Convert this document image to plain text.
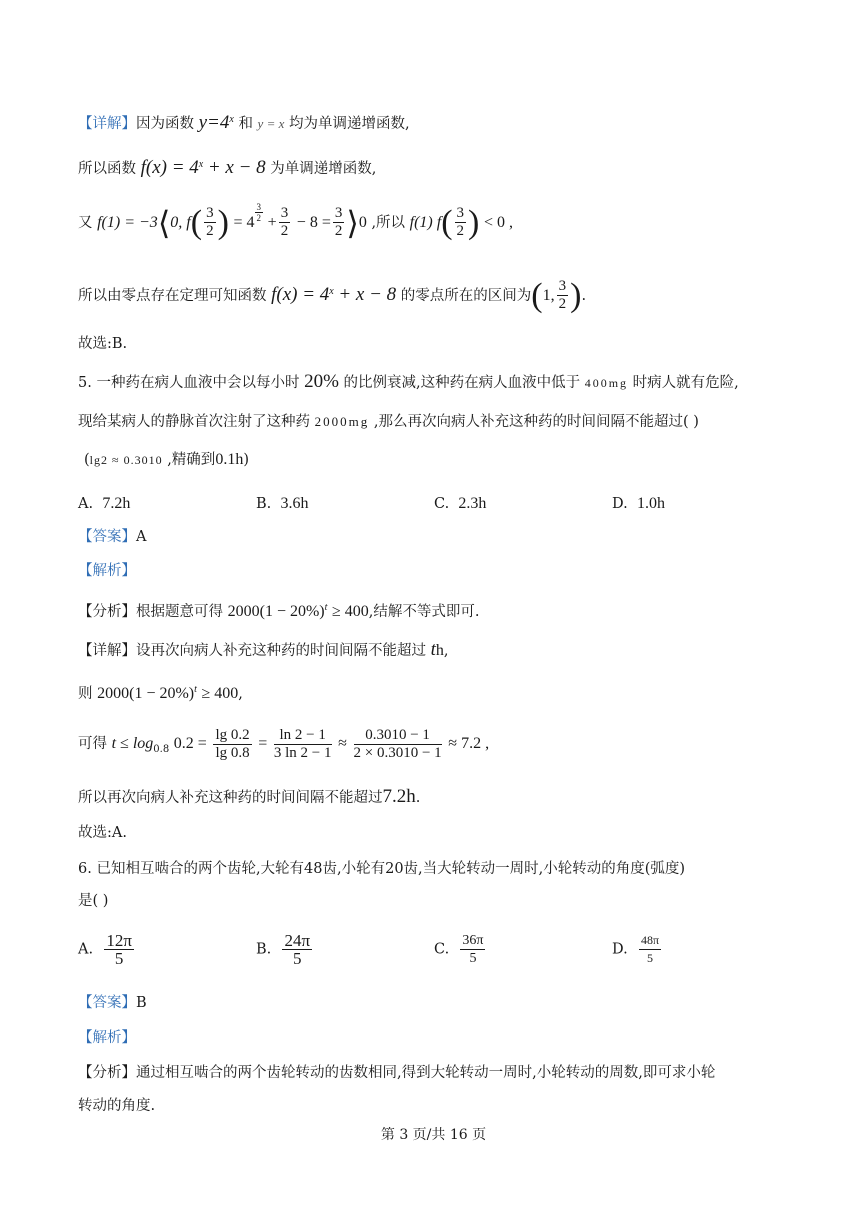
【详解】因为函数 $y=4^x$ 和 y = x 均为单调递增函数,
所以函数 $f(x) = 4^x + x - 8$ 为单调递增函数,
又 f(1) = −3⟨0, $f( \frac{3}{2}$ ) = 4 $^{\frac{3}{2}} + \frac{3}{2} - 8 = \frac{3}{2}$ ⟩0 ,所以 f(1) $f( \frac{3}{2}$ ) < 0 ,
所以由零点存在定理可知函数 $f(x) = 4^x + x - 8$ 的零点所在的区间为(1, $\frac{3}{2}$ ).
故选:B.
5. 一种药在病人血液中会以每小时 20% 的比例衰减,这种药在病人血液中低于 400mg 时病人就有危险,
现给某病人的静脉首次注射了这种药 2000mg ,那么再次向病人补充这种药的时间间隔不能超过( )
(lg2 ≈ 0.3010 ,精确到0.1h)
A. 7.2h	B. 3.6h	C. 2.3h	D. 1.0h
【答案】A
【解析】
【分析】根据题意可得 $2000(1 - 20\%)^t \ge 400$,结解不等式即可.
【详解】设再次向病人补充这种药的时间间隔不能超过 th,
则 $2000(1 - 20\%)^t \ge 400$,
可得 $t \le \log_{0.8} 0.2 = \frac{\lg 0.2}{\lg 0.8} = \frac{\ln 2 - 1}{3 \ln 2 - 1} \approx \frac{0.3010 - 1}{2 \times 0.3010 - 1} \approx 7.2$ ,
所以再次向病人补充这种药的时间间隔不能超过7.2h.
故选:A.
6. 已知相互啮合的两个齿轮,大轮有48齿,小轮有20齿,当大轮转动一周时,小轮转动的角度(弧度)
是( )
A. $\frac{12\pi}{5}$	B. $\frac{24\pi}{5}$	C. $\frac{36\pi}{5}$	D. $\frac{48\pi}{5}$
【答案】B
【解析】
【分析】通过相互啮合的两个齿轮转动的齿数相同,得到大轮转动一周时,小轮转动的周数,即可求小轮
转动的角度.
第 3 页/共 16 页
